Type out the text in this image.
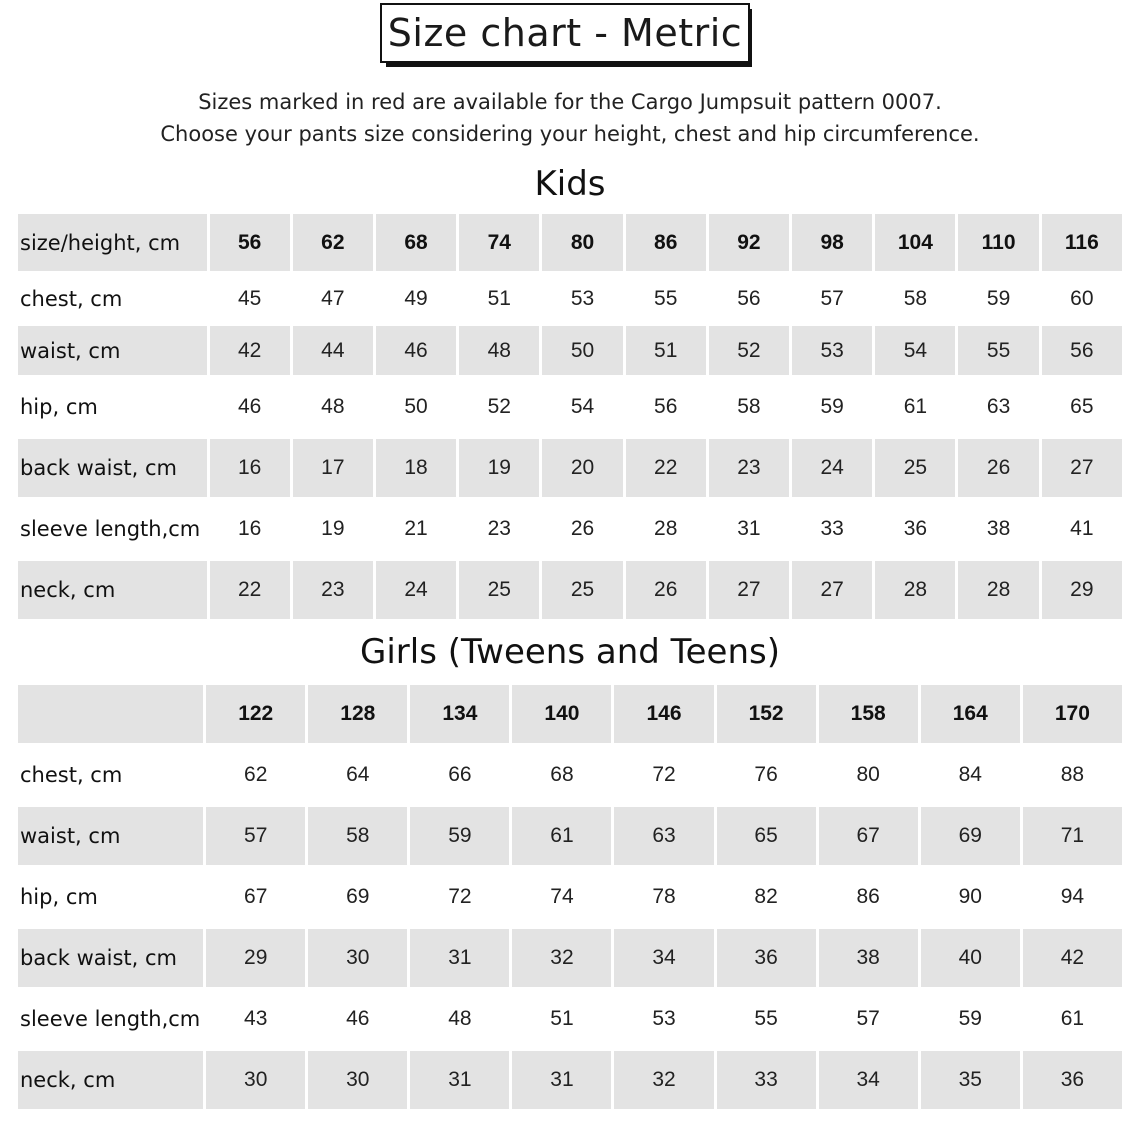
Size chart - Metric
Sizes marked in red are available for the Cargo Jumpsuit pattern 0007.
Choose your pants size considering your height, chest and hip circumference.
Kids
size/height, cm	56	62	68	74	80	86	92	98	104	110	116
chest, cm	45	47	49	51	53	55	56	57	58	59	60
waist, cm	42	44	46	48	50	51	52	53	54	55	56
hip, cm	46	48	50	52	54	56	58	59	61	63	65
back waist, cm	16	17	18	19	20	22	23	24	25	26	27
sleeve length,cm	16	19	21	23	26	28	31	33	36	38	41
neck, cm	22	23	24	25	25	26	27	27	28	28	29
Girls (Tweens and Teens)
	122	128	134	140	146	152	158	164	170
chest, cm	62	64	66	68	72	76	80	84	88
waist, cm	57	58	59	61	63	65	67	69	71
hip, cm	67	69	72	74	78	82	86	90	94
back waist, cm	29	30	31	32	34	36	38	40	42
sleeve length,cm	43	46	48	51	53	55	57	59	61
neck, cm	30	30	31	31	32	33	34	35	36
